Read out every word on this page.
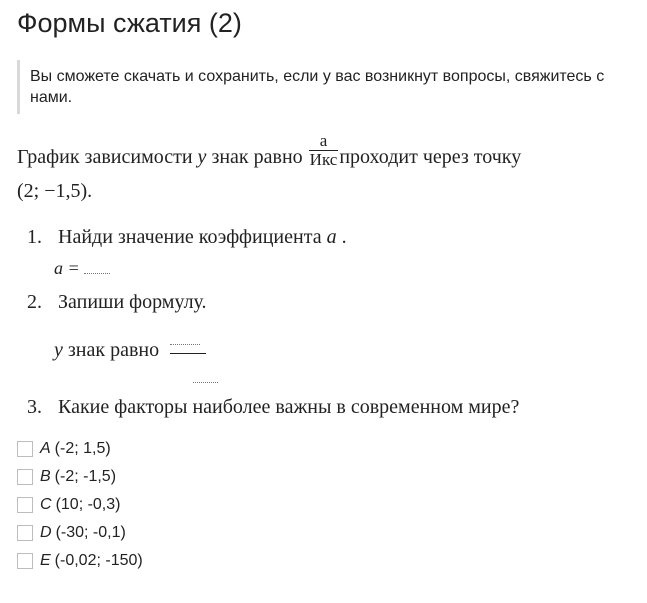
Формы сжатия (2)
Вы сможете скачать и сохранить, если у вас возникнут вопросы, свяжитесь с нами.
График зависимости y знак равно $\frac{а}{\text{Икс}}$ проходит через точку
(2; −1,5).
1. Найди значение коэффициента a .
a =
2. Запиши формулу.
y знак равно
3. Какие факторы наиболее важны в современном мире?
A (-2; 1,5)
B (-2; -1,5)
C (10; -0,3)
D (-30; -0,1)
E (-0,02; -150)
